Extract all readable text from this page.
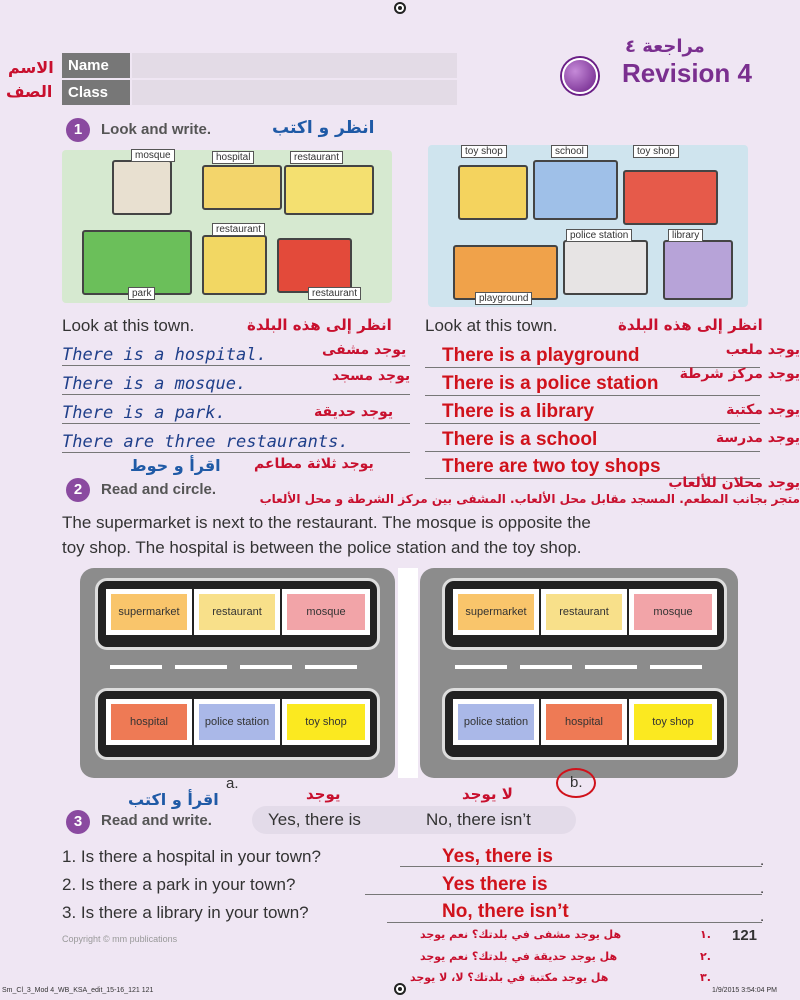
الاسم
الصف
Name
Class
مراجعة ٤
Revision 4
1	Look and write.	انظر و اكتب
mosque	hospital	restaurant
restaurant
park	restaurant
toy shop	school	toy shop
police station	library
playground
Look at this town.	انظر إلى هذه البلدة Look at this town.	انظر إلى هذه البلدة
There is a hospital.	يوجد مشفى
There is a mosque.	يوجد مسجد
There is a park.	يوجد حديقة
There are three restaurants.
يوجد ثلاثة مطاعم
There is a playground	يوجد ملعب
There is a police station يوجد مركز شرطة
There is a library	يوجد مكتبة
There is a school	يوجد مدرسة
There are two toy shops
يوجد محلان للألعاب
اقرأ و حوط
2	Read and circle.
متجر بجانب المطعم. المسجد مقابل محل الألعاب. المشفى بين مركز الشرطة و محل الألعاب
The supermarket is next to the restaurant. The mosque is opposite the
toy shop. The hospital is between the police station and the toy shop.
supermarket	restaurant	mosque
hospital	police station	toy shop
supermarket	restaurant	mosque
police station	hospital	toy shop
a.	b.
اقرأ و اكتب	يوجد	لا يوجد
3	Read and write.	Yes, there is	No, there isn’t
1. Is there a hospital in your town?	Yes, there is	.
2. Is there a park in your town?	Yes there is	.
3. Is there a library in your town?	No, there isn’t	.
Copyright © mm publications	121
هل يوجد مشفى في بلدتك؟ نعم يوجد	١.
هل يوجد حديقة في بلدتك؟ نعم يوجد	٢.
هل يوجد مكتبة في بلدتك؟ لا، لا يوجد	٣.
Sm_Cl_3_Mod 4_WB_KSA_edit_15-16_121 121	1/9/2015 3:54:04 PM
